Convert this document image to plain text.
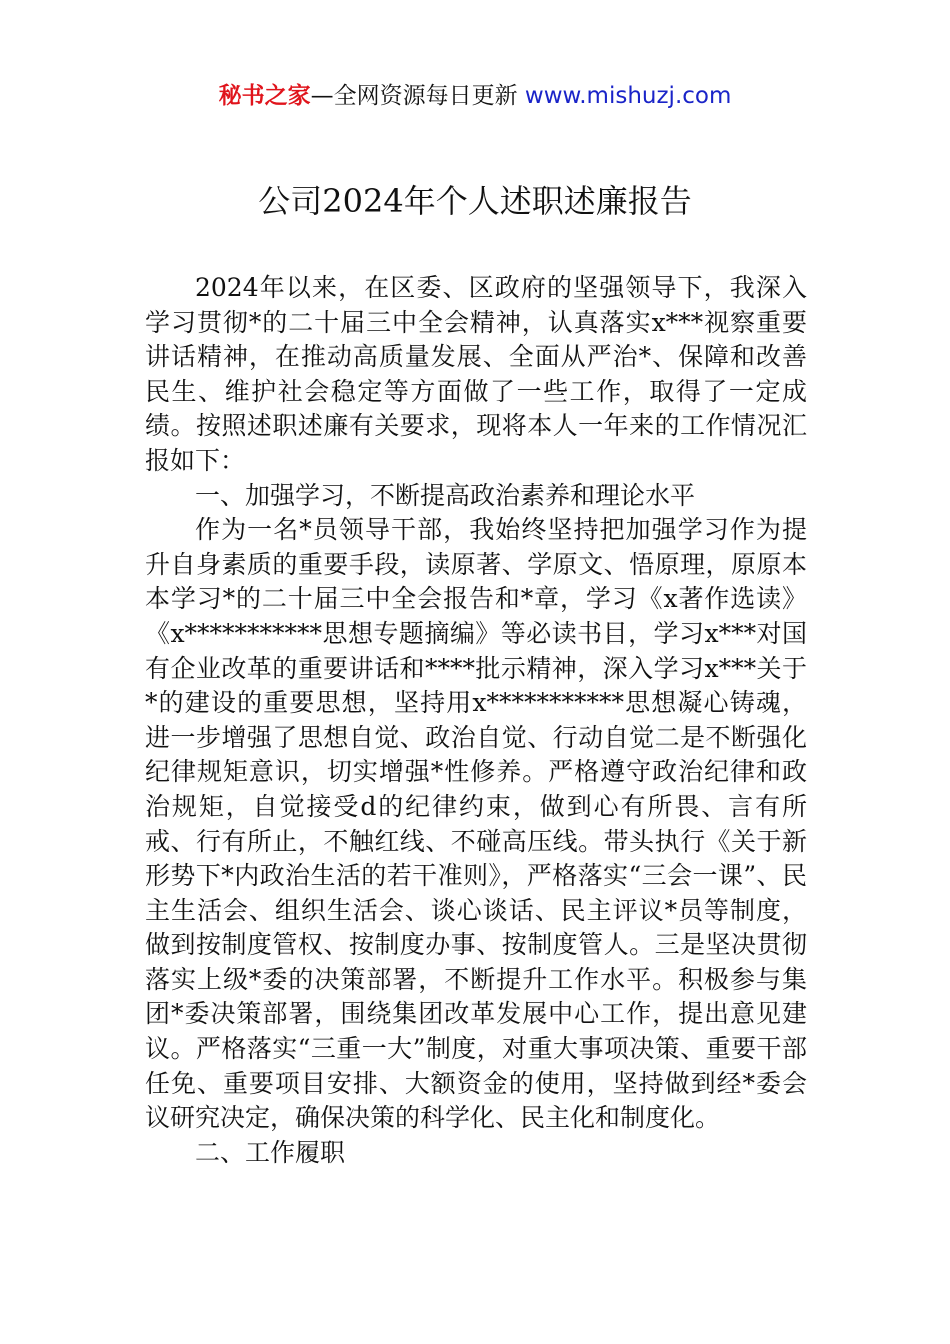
秘书之家—全网资源每日更新 www.mishuzj.com
公司2024年个人述职述廉报告

2024年以来，在区委、区政府的坚强领导下，我深入学习贯彻*的二十届三中全会精神，认真落实x***视察重要讲话精神，在推动高质量发展、全面从严治*、保障和改善民生、维护社会稳定等方面做了一些工作，取得了一定成绩。按照述职述廉有关要求，现将本人一年来的工作情况汇报如下：

一、加强学习，不断提高政治素养和理论水平

作为一名*员领导干部，我始终坚持把加强学习作为提升自身素质的重要手段，读原著、学原文、悟原理，原原本本学习*的二十届三中全会报告和*章，学习《x著作选读》《x***********思想专题摘编》等必读书目，学习x***对国有企业改革的重要讲话和****批示精神，深入学习x***关于*的建设的重要思想，坚持用x***********思想凝心铸魂，进一步增强了思想自觉、政治自觉、行动自觉二是不断强化纪律规矩意识，切实增强*性修养。严格遵守政治纪律和政治规矩，自觉接受d的纪律约束，做到心有所畏、言有所戒、行有所止，不触红线、不碰高压线。带头执行《关于新形势下*内政治生活的若干准则》，严格落实“三会一课”、民主生活会、组织生活会、谈心谈话、民主评议*员等制度，做到按制度管权、按制度办事、按制度管人。三是坚决贯彻落实上级*委的决策部署，不断提升工作水平。积极参与集团*委决策部署，围绕集团改革发展中心工作，提出意见建议。严格落实“三重一大”制度，对重大事项决策、重要干部任免、重要项目安排、大额资金的使用，坚持做到经*委会议研究决定，确保决策的科学化、民主化和制度化。

二、工作履职
